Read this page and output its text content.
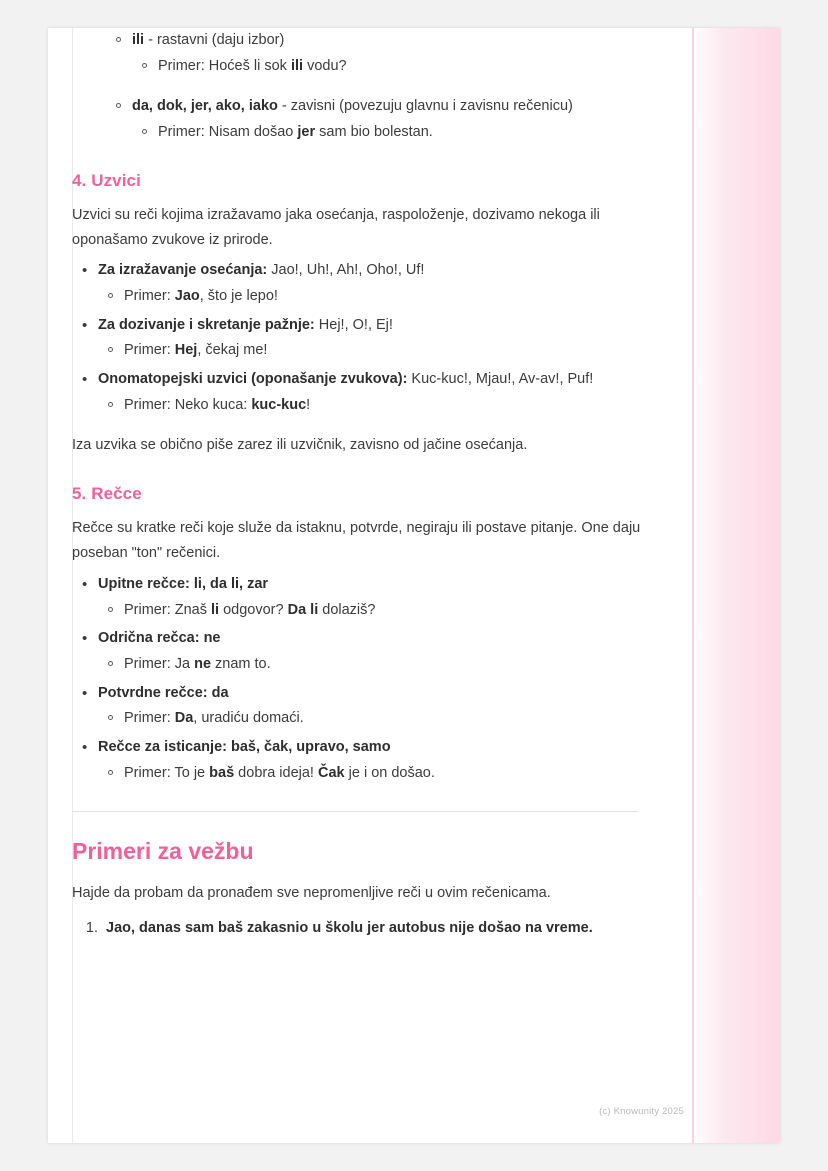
ili - rastavni (daju izbor)
Primer: Hoćeš li sok ili vodu?
da, dok, jer, ako, iako - zavisni (povezuju glavnu i zavisnu rečenicu)
Primer: Nisam došao jer sam bio bolestan.
4. Uzvici

Uzvici su reči kojima izražavamo jaka osećanja, raspoloženje, dozivamo nekoga ili oponašamo zvukove iz prirode.

• Za izražavanje osećanja: Jao!, Uh!, Ah!, Oho!, Uf!
Primer: Jao, što je lepo!
• Za dozivanje i skretanje pažnje: Hej!, O!, Ej!
Primer: Hej, čekaj me!
• Onomatopejski uzvici (oponašanje zvukova): Kuc-kuc!, Mjau!, Av-av!, Puf!
Primer: Neko kuca: kuc-kuc!

Iza uzvika se obično piše zarez ili uzvičnik, zavisno od jačine osećanja.

5. Rečce

Rečce su kratke reči koje služe da istaknu, potvrde, negiraju ili postave pitanje. One daju poseban "ton" rečenici.

• Upitne rečce: li, da li, zar
Primer: Znaš li odgovor? Da li dolaziš?
• Odrična rečca: ne
Primer: Ja ne znam to.
• Potvrdne rečce: da
Primer: Da, uradiću domaći.
• Rečce za isticanje: baš, čak, upravo, samo
Primer: To je baš dobra ideja! Čak je i on došao.
Primeri za vežbu

Hajde da probam da pronađem sve nepromenljive reči u ovim rečenicama.

1. Jao, danas sam baš zakasnio u školu jer autobus nije došao na vreme.
(c) Knowunity 2025
